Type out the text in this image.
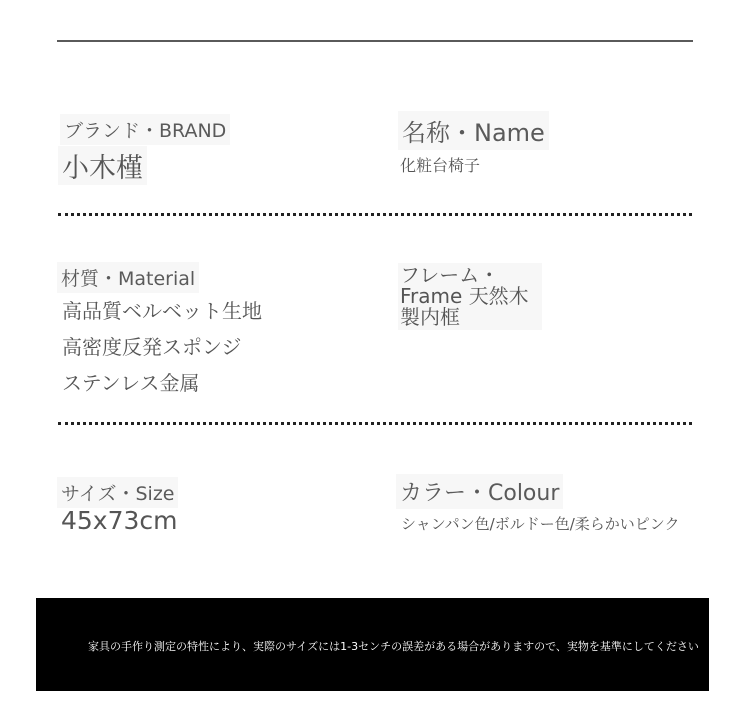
ブランド・BRAND
小木槿
名称・Name
化粧台椅子
材質・Material
高品質ベルベット生地
高密度反発スポンジ
ステンレス金属
フレーム・Frame 天然木製内框
サイズ・Size
45x73cm
カラー・Colour
シャンパン色/ボルドー色/柔らかいピンク
家具の手作り測定の特性により、実際のサイズには1-3センチの誤差がある場合がありますので、実物を基準にしてください
